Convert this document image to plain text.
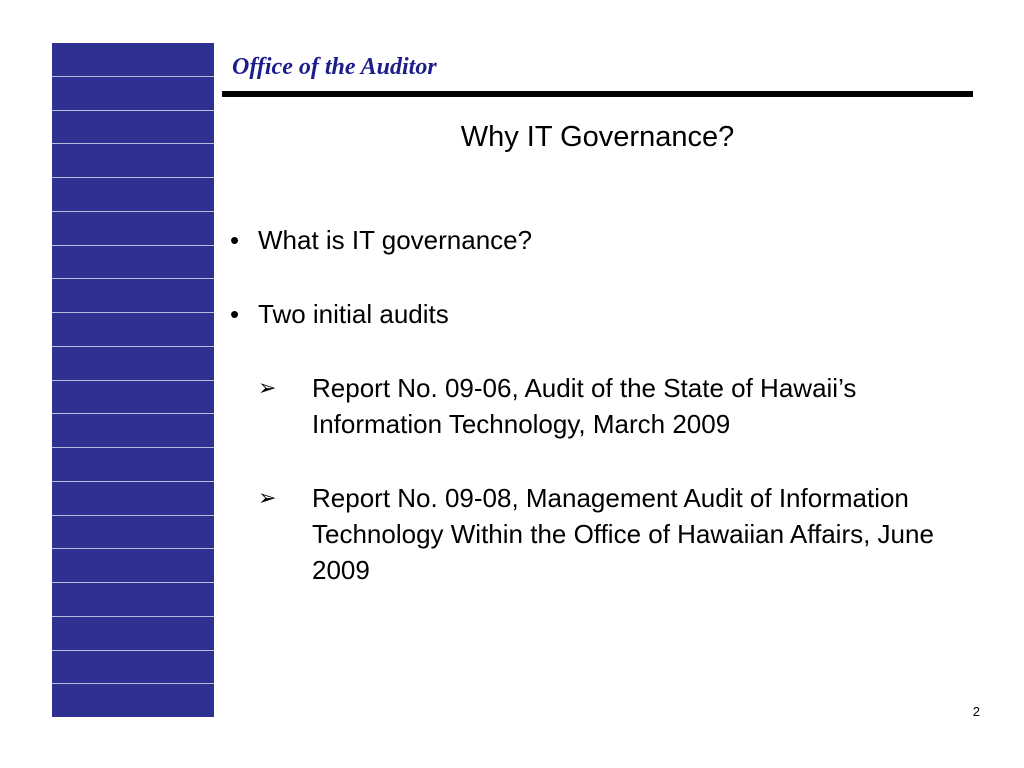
Office of the Auditor
Why IT Governance?
• What is IT governance?
• Two initial audits
➢	Report No. 09-06, Audit of the State of Hawaii’s Information Technology, March 2009
➢	Report No. 09-08, Management Audit of Information Technology Within the Office of Hawaiian Affairs, June 2009
2
